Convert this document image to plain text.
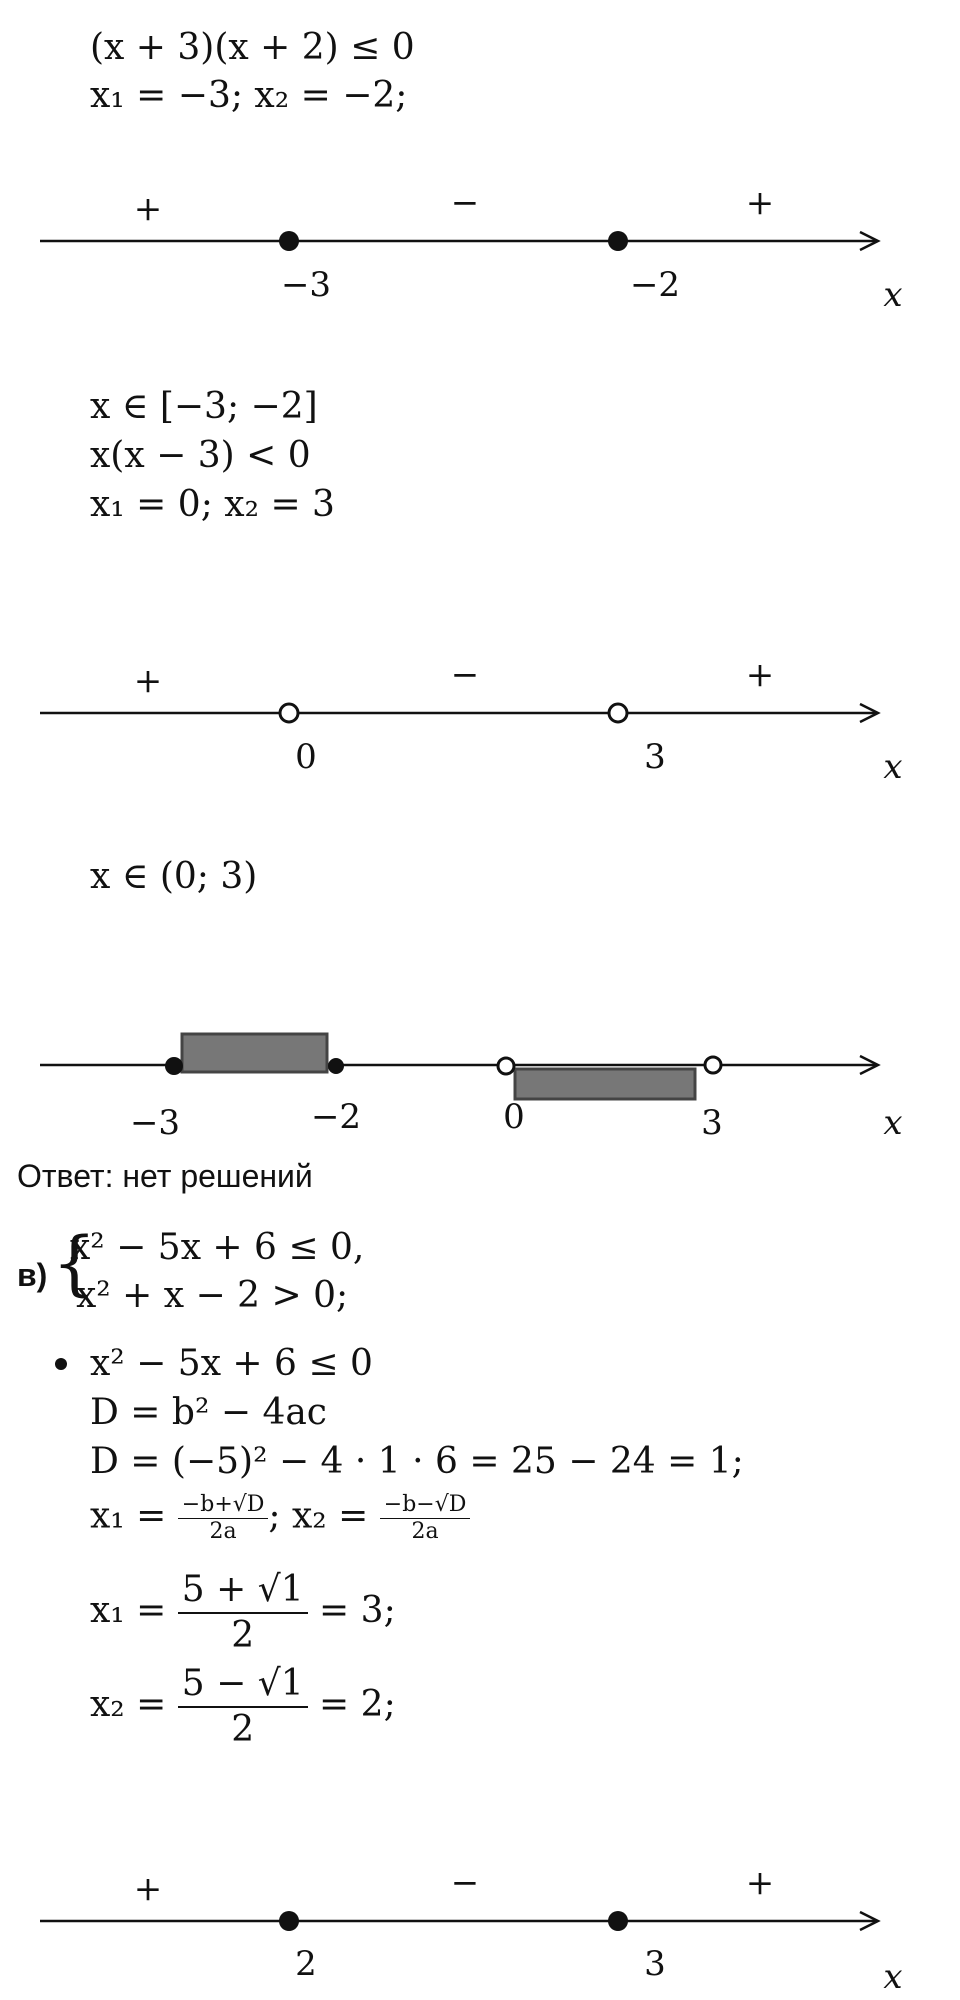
(x + 3)(x + 2) ≤ 0
x₁ = −3; x₂ = −2;
+	−	+
−3	−2	x
x ∈ [−3; −2]
x(x − 3) < 0
x₁ = 0; x₂ = 3
+	−	+
0	3	x
x ∈ (0; 3)
−3	−2	0	3	x
Ответ: нет решений
в) {
x² − 5x + 6 ≤ 0,
x² + x − 2 > 0;
x² − 5x + 6 ≤ 0
D = b² − 4ac
D = (−5)² − 4 · 1 · 6 = 25 − 24 = 1;
$x_1 = \frac{-b+√D}{2a}$ ; $x_2 = \frac{-b-√D}{2a}$
$x_1 = \frac{5 + √1}{2} = 3$;
$x_2 = \frac{5 - √1}{2} = 2$;
+	−	+
2	3	x
